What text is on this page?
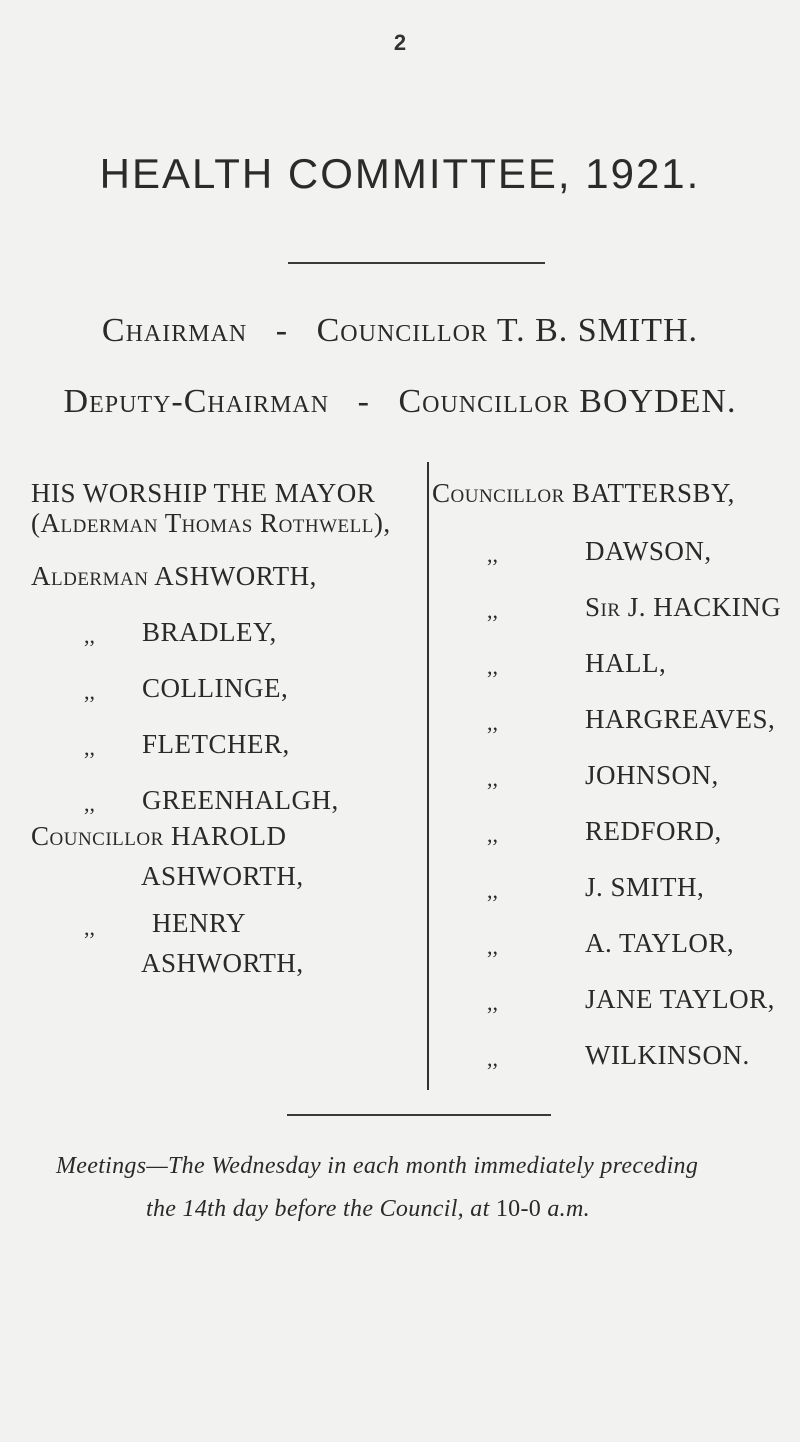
2
HEALTH COMMITTEE, 1921.
Chairman - Councillor T. B. SMITH.
Deputy-Chairman - Councillor BOYDEN.
HIS WORSHIP THE MAYOR
(Alderman Thomas Rothwell),
Alderman ASHWORTH,
Councillor BATTERSBY,
Meetings—The Wednesday in each month immediately preceding
the 14th day before the Council, at 10-0 a.m.
,, BRADLEY,
,, COLLINGE,
,, FLETCHER,
,, GREENHALGH,
Councillor HAROLD
ASHWORTH,
,, HENRY
ASHWORTH,
,,	DAWSON,
,,	Sir J. HACKING
,,	HALL,
,,	HARGREAVES,
,,	JOHNSON,
,,	REDFORD,
,,	J. SMITH,
,,	A. TAYLOR,
,,	JANE TAYLOR,
,,	WILKINSON.
